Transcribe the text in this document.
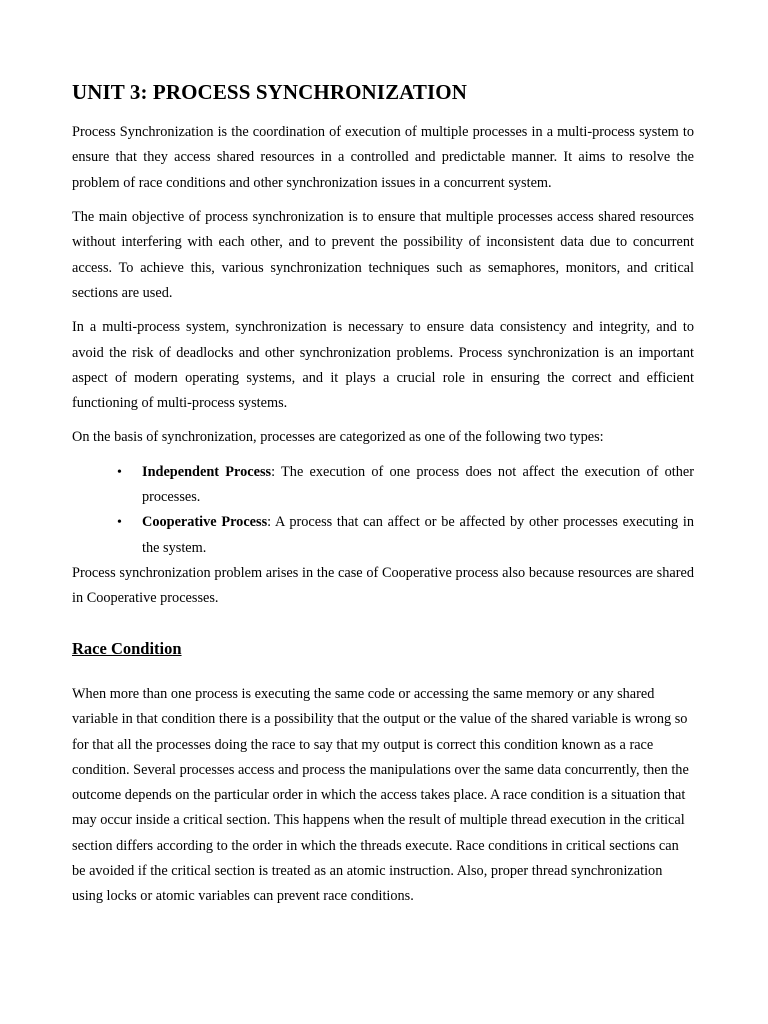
UNIT 3: PROCESS SYNCHRONIZATION

Process Synchronization is the coordination of execution of multiple processes in a multi-process system to ensure that they access shared resources in a controlled and predictable manner. It aims to resolve the problem of race conditions and other synchronization issues in a concurrent system.

The main objective of process synchronization is to ensure that multiple processes access shared resources without interfering with each other, and to prevent the possibility of inconsistent data due to concurrent access. To achieve this, various synchronization techniques such as semaphores, monitors, and critical sections are used.

In a multi-process system, synchronization is necessary to ensure data consistency and integrity, and to avoid the risk of deadlocks and other synchronization problems. Process synchronization is an important aspect of modern operating systems, and it plays a crucial role in ensuring the correct and efficient functioning of multi-process systems.

On the basis of synchronization, processes are categorized as one of the following two types:

• Independent Process: The execution of one process does not affect the execution of other processes.
• Cooperative Process: A process that can affect or be affected by other processes executing in the system.

Process synchronization problem arises in the case of Cooperative process also because resources are shared in Cooperative processes.

Race Condition

When more than one process is executing the same code or accessing the same memory or any shared variable in that condition there is a possibility that the output or the value of the shared variable is wrong so for that all the processes doing the race to say that my output is correct this condition known as a race condition. Several processes access and process the manipulations over the same data concurrently, then the outcome depends on the particular order in which the access takes place. A race condition is a situation that may occur inside a critical section. This happens when the result of multiple thread execution in the critical section differs according to the order in which the threads execute. Race conditions in critical sections can be avoided if the critical section is treated as an atomic instruction. Also, proper thread synchronization using locks or atomic variables can prevent race conditions.
